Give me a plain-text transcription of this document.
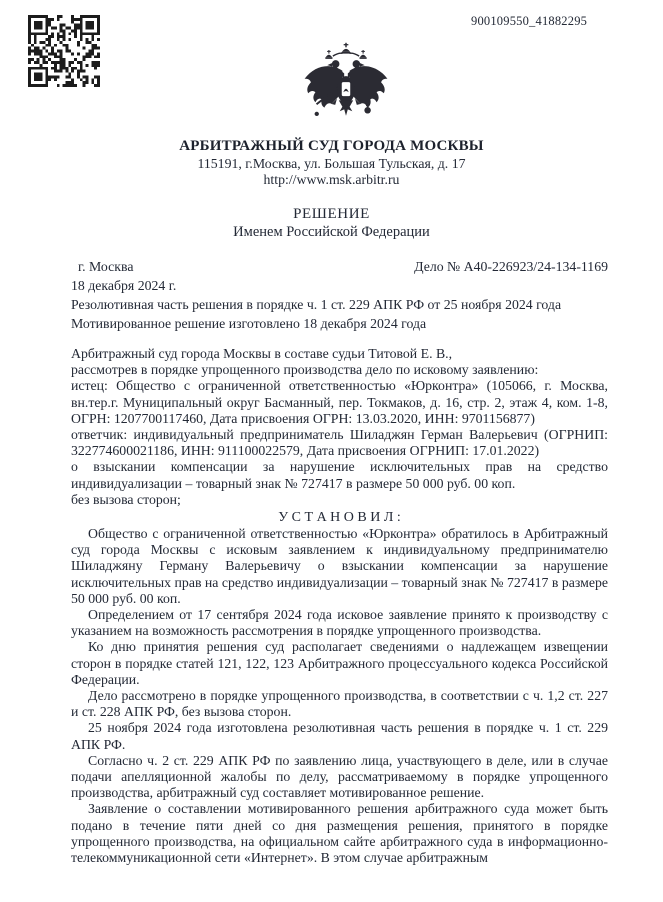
900109550_41882295
АРБИТРАЖНЫЙ СУД ГОРОДА МОСКВЫ
115191, г.Москва, ул. Большая Тульская, д. 17
http://www.msk.arbitr.ru
РЕШЕНИЕ
Именем Российской Федерации
г. Москва	Дело № А40-226923/24-134-1169
18 декабря 2024 г.
Резолютивная часть решения в порядке ч. 1 ст. 229 АПК РФ от 25 ноября 2024 года
Мотивированное решение изготовлено 18 декабря 2024 года

Арбитражный суд города Москвы в составе судьи Титовой Е. В.,

рассмотрев в порядке упрощенного производства дело по исковому заявлению:

истец: Общество с ограниченной ответственностью «Юрконтра» (105066, г. Москва, вн.тер.г. Муниципальный округ Басманный, пер. Токмаков, д. 16, стр. 2, этаж 4, ком. 1-8, ОГРН: 1207700117460, Дата присвоения ОГРН: 13.03.2020, ИНН: 9701156877)

ответчик: индивидуальный предприниматель Шиладжян Герман Валерьевич (ОГРНИП: 322774600021186, ИНН: 911100022579, Дата присвоения ОГРНИП: 17.01.2022)

о взыскании компенсации за нарушение исключительных прав на средство индивидуализации – товарный знак № 727417 в размере 50 000 руб. 00 коп.

без вызова сторон;

У С Т А Н О В И Л :

Общество с ограниченной ответственностью «Юрконтра» обратилось в Арбитражный суд города Москвы с исковым заявлением к индивидуальному предпринимателю Шиладжяну Герману Валерьевичу о взыскании компенсации за нарушение исключительных прав на средство индивидуализации – товарный знак № 727417 в размере 50 000 руб. 00 коп.

Определением от 17 сентября 2024 года исковое заявление принято к производству с указанием на возможность рассмотрения в порядке упрощенного производства.

Ко дню принятия решения суд располагает сведениями о надлежащем извещении сторон в порядке статей 121, 122, 123 Арбитражного процессуального кодекса Российской Федерации.

Дело рассмотрено в порядке упрощенного производства, в соответствии с ч. 1,2 ст. 227 и ст. 228 АПК РФ, без вызова сторон.

25 ноября 2024 года изготовлена резолютивная часть решения в порядке ч. 1 ст. 229 АПК РФ.

Согласно ч. 2 ст. 229 АПК РФ по заявлению лица, участвующего в деле, или в случае подачи апелляционной жалобы по делу, рассматриваемому в порядке упрощенного производства, арбитражный суд составляет мотивированное решение.

Заявление о составлении мотивированного решения арбитражного суда может быть подано в течение пяти дней со дня размещения решения, принятого в порядке упрощенного производства, на официальном сайте арбитражного суда в информационно-телекоммуникационной сети «Интернет». В этом случае арбитражным
